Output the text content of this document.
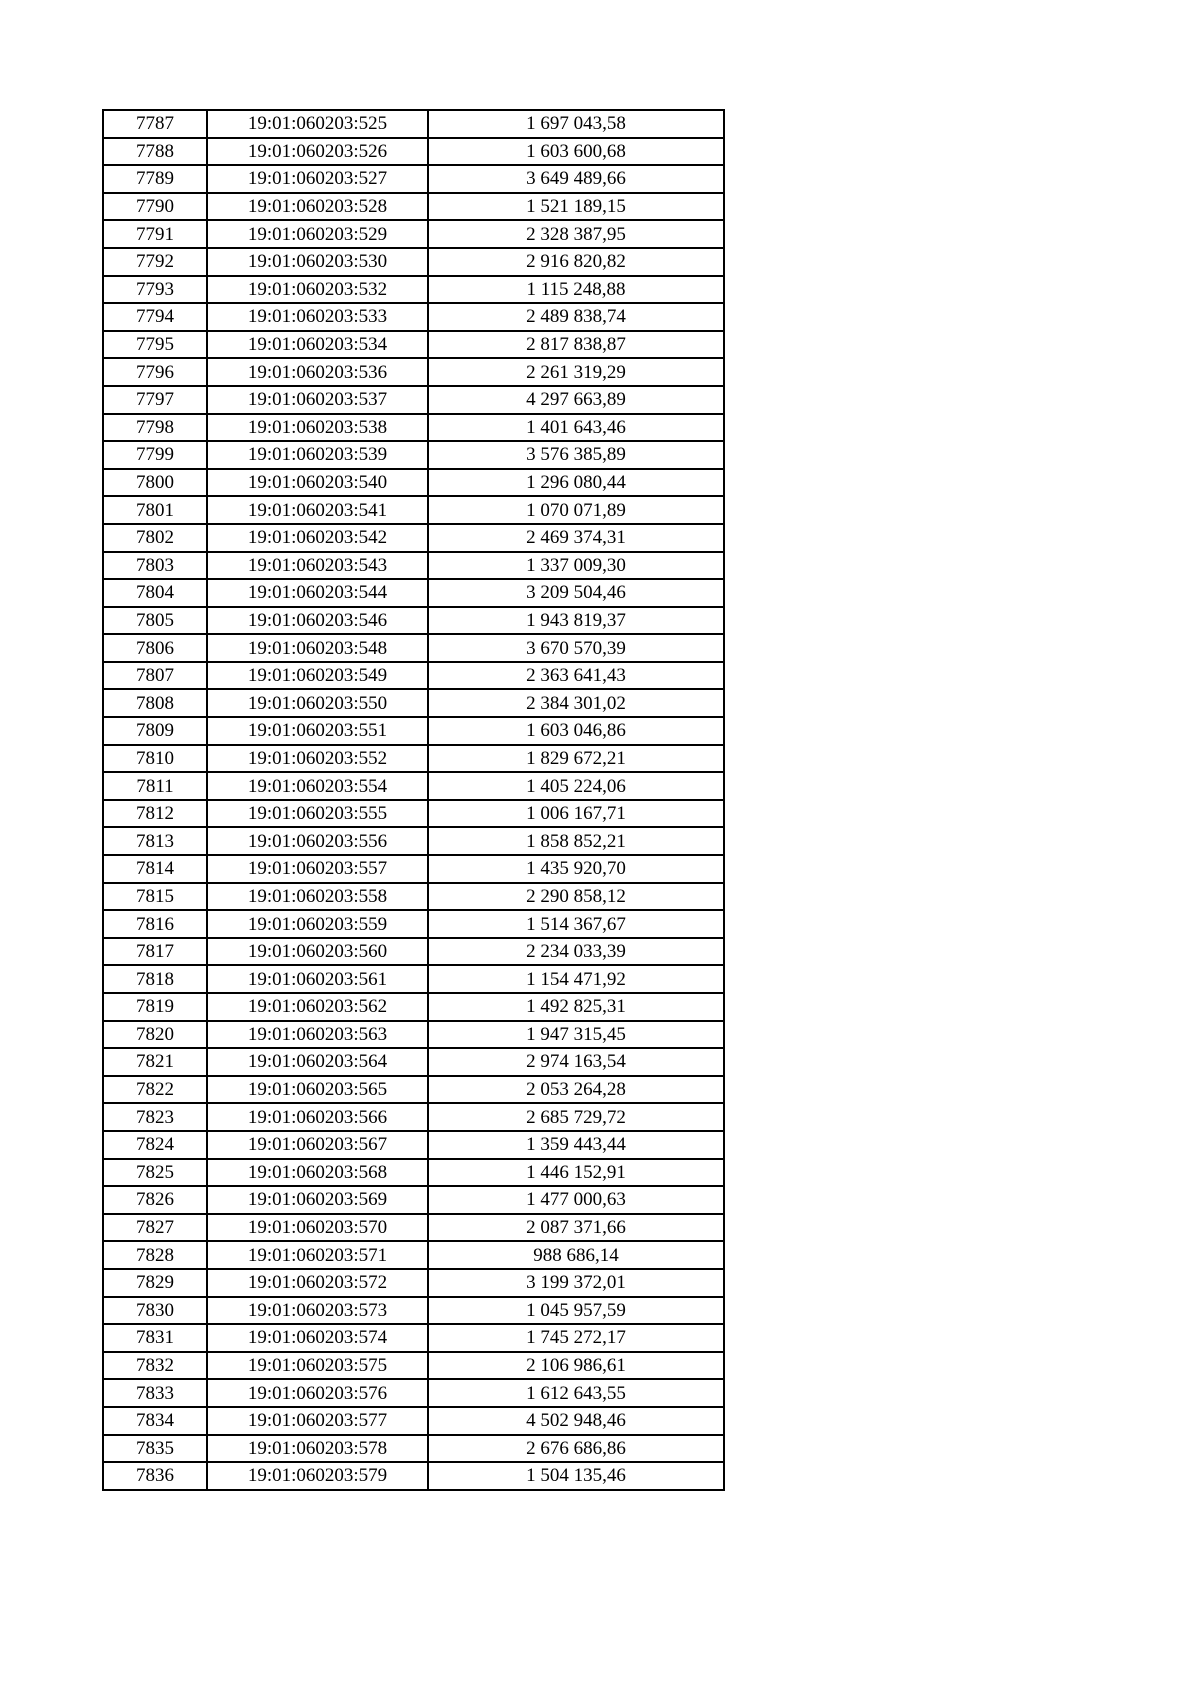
7787	19:01:060203:525	1 697 043,58
7788	19:01:060203:526	1 603 600,68
7789	19:01:060203:527	3 649 489,66
7790	19:01:060203:528	1 521 189,15
7791	19:01:060203:529	2 328 387,95
7792	19:01:060203:530	2 916 820,82
7793	19:01:060203:532	1 115 248,88
7794	19:01:060203:533	2 489 838,74
7795	19:01:060203:534	2 817 838,87
7796	19:01:060203:536	2 261 319,29
7797	19:01:060203:537	4 297 663,89
7798	19:01:060203:538	1 401 643,46
7799	19:01:060203:539	3 576 385,89
7800	19:01:060203:540	1 296 080,44
7801	19:01:060203:541	1 070 071,89
7802	19:01:060203:542	2 469 374,31
7803	19:01:060203:543	1 337 009,30
7804	19:01:060203:544	3 209 504,46
7805	19:01:060203:546	1 943 819,37
7806	19:01:060203:548	3 670 570,39
7807	19:01:060203:549	2 363 641,43
7808	19:01:060203:550	2 384 301,02
7809	19:01:060203:551	1 603 046,86
7810	19:01:060203:552	1 829 672,21
7811	19:01:060203:554	1 405 224,06
7812	19:01:060203:555	1 006 167,71
7813	19:01:060203:556	1 858 852,21
7814	19:01:060203:557	1 435 920,70
7815	19:01:060203:558	2 290 858,12
7816	19:01:060203:559	1 514 367,67
7817	19:01:060203:560	2 234 033,39
7818	19:01:060203:561	1 154 471,92
7819	19:01:060203:562	1 492 825,31
7820	19:01:060203:563	1 947 315,45
7821	19:01:060203:564	2 974 163,54
7822	19:01:060203:565	2 053 264,28
7823	19:01:060203:566	2 685 729,72
7824	19:01:060203:567	1 359 443,44
7825	19:01:060203:568	1 446 152,91
7826	19:01:060203:569	1 477 000,63
7827	19:01:060203:570	2 087 371,66
7828	19:01:060203:571	988 686,14
7829	19:01:060203:572	3 199 372,01
7830	19:01:060203:573	1 045 957,59
7831	19:01:060203:574	1 745 272,17
7832	19:01:060203:575	2 106 986,61
7833	19:01:060203:576	1 612 643,55
7834	19:01:060203:577	4 502 948,46
7835	19:01:060203:578	2 676 686,86
7836	19:01:060203:579	1 504 135,46
